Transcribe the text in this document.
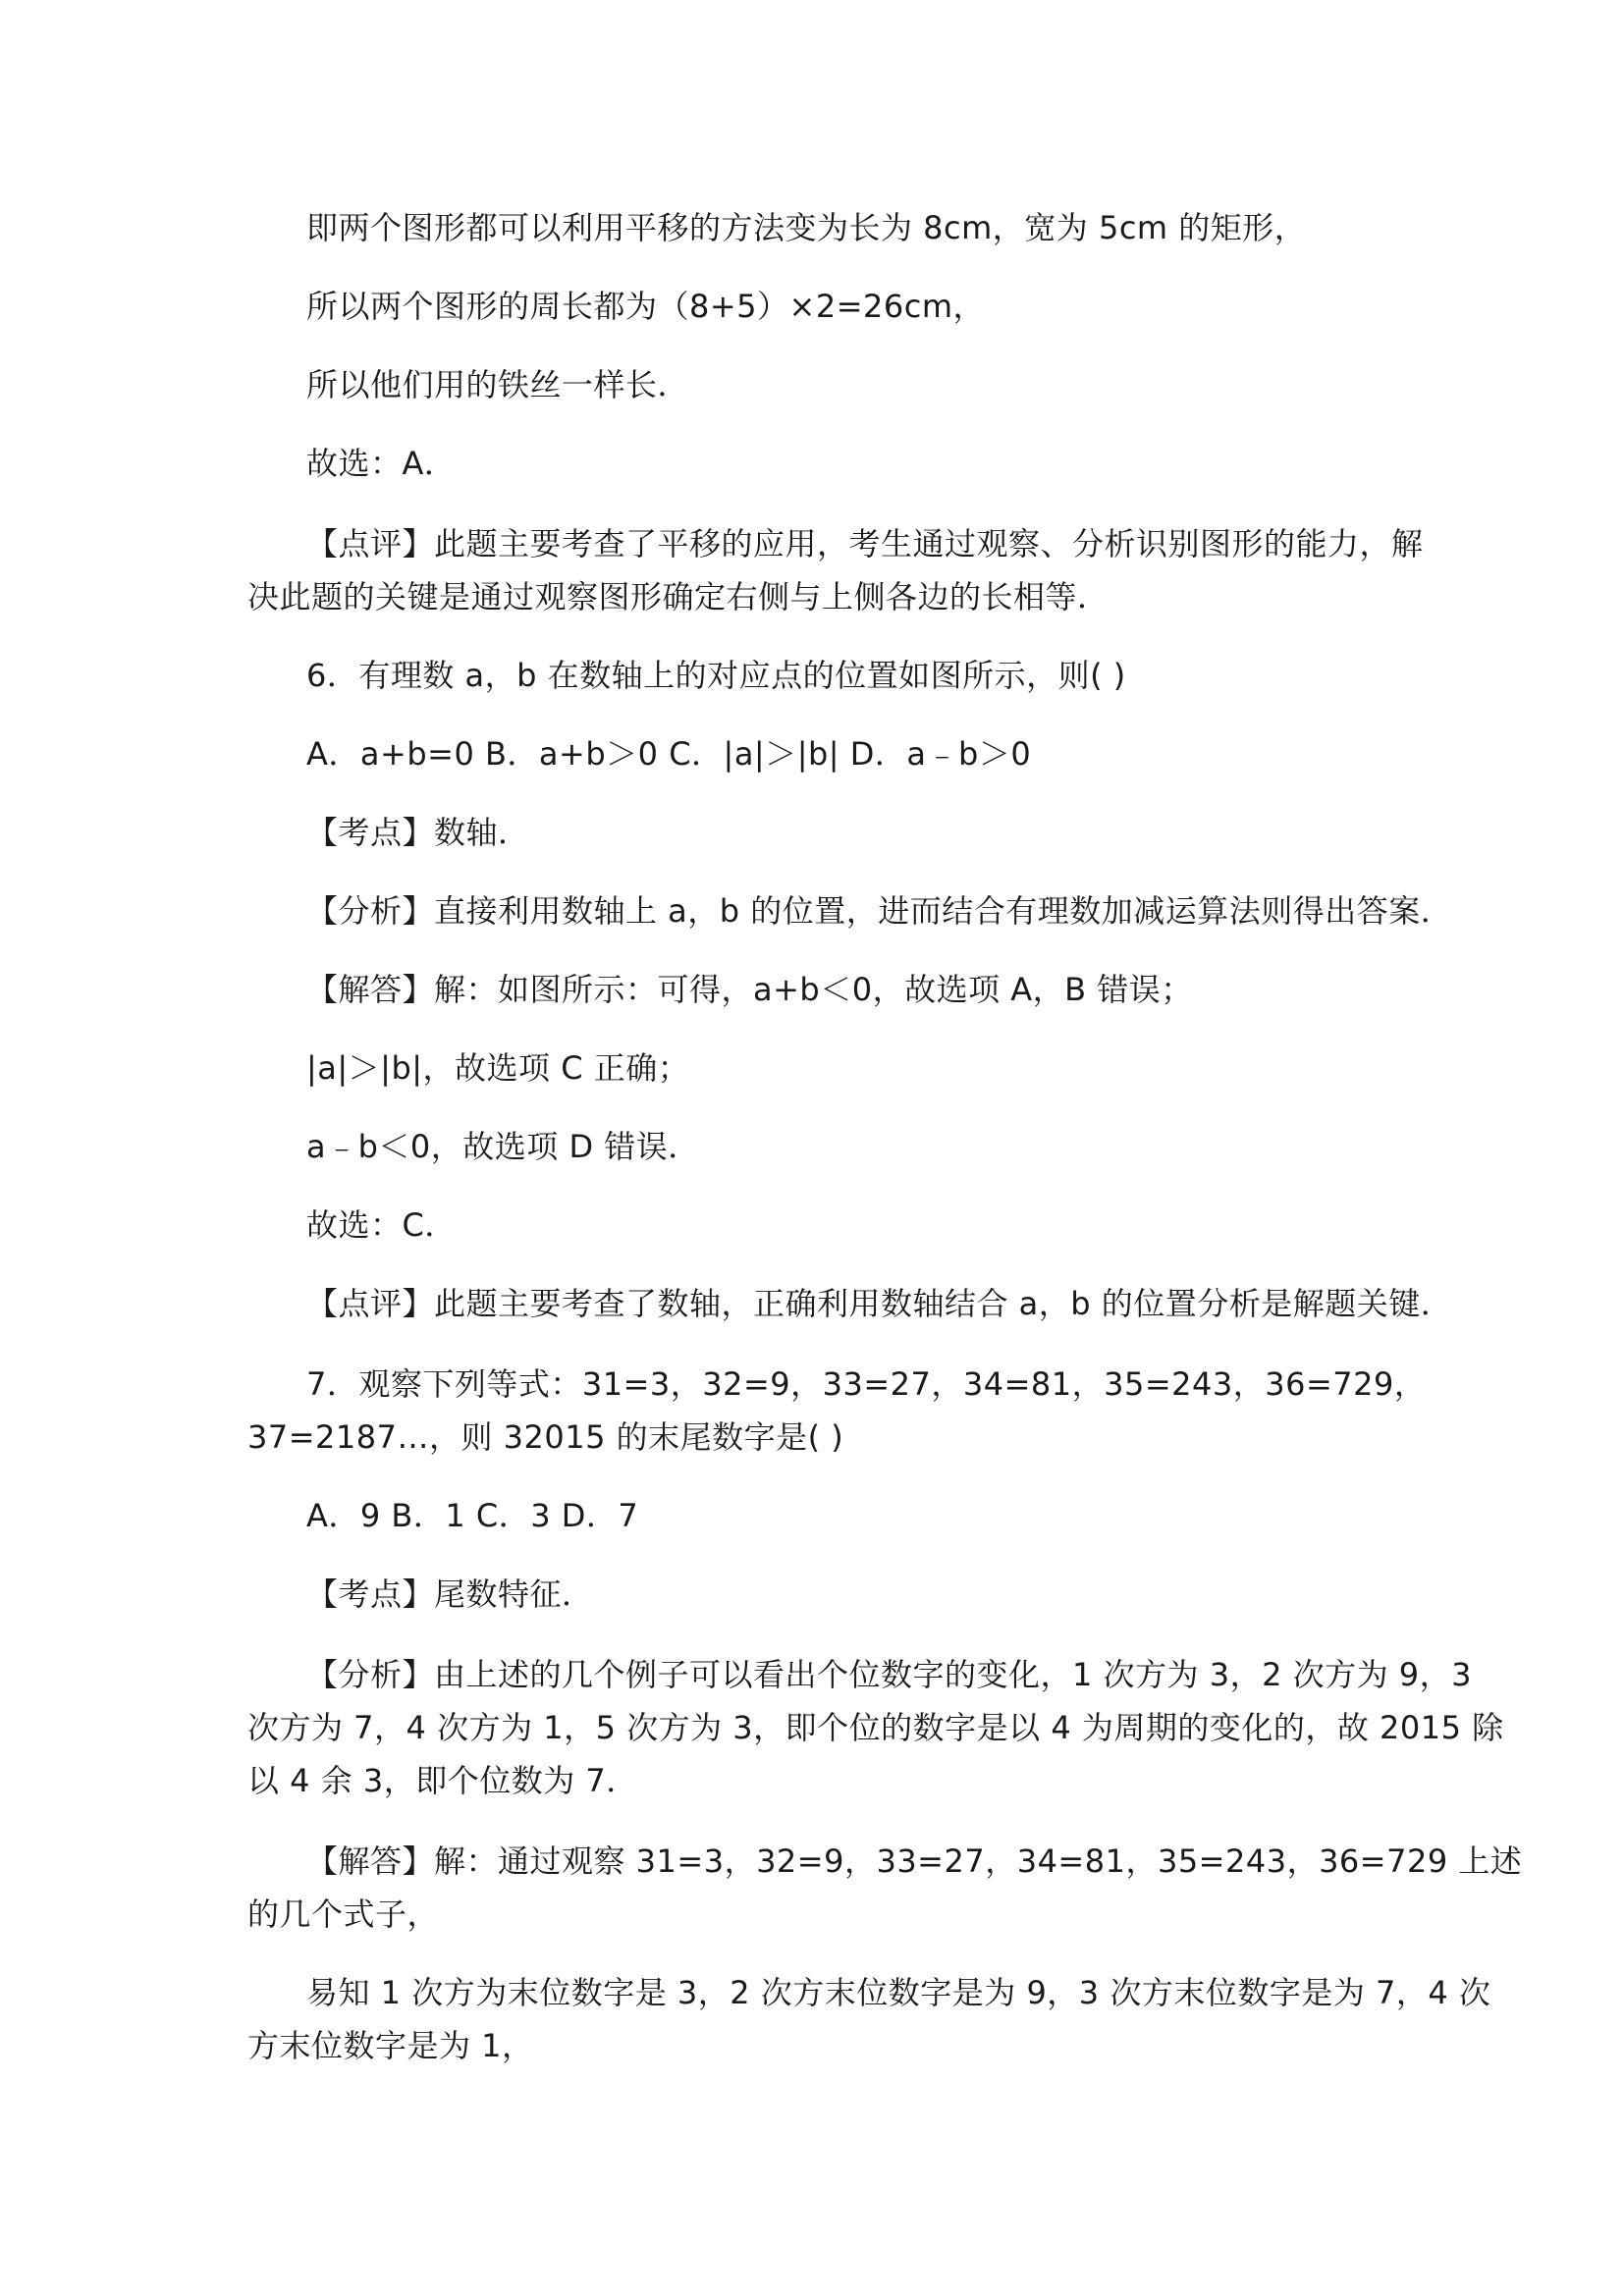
即两个图形都可以利用平移的方法变为长为 8cm，宽为 5cm 的矩形，
所以两个图形的周长都为（8+5）×2=26cm，
所以他们用的铁丝一样长．
故选：A．
【点评】此题主要考查了平移的应用，考生通过观察、分析识别图形的能力，解
决此题的关键是通过观察图形确定右侧与上侧各边的长相等．
6．有理数 a，b 在数轴上的对应点的位置如图所示，则( )
A．a+b=0 B．a+b＞0 C．|a|＞|b| D．a﹣b＞0
【考点】数轴．
【分析】直接利用数轴上 a，b 的位置，进而结合有理数加减运算法则得出答案．
【解答】解：如图所示：可得，a+b＜0，故选项 A，B 错误；
|a|＞|b|，故选项 C 正确；
a﹣b＜0，故选项 D 错误．
故选：C．
【点评】此题主要考查了数轴，正确利用数轴结合 a，b 的位置分析是解题关键．
7．观察下列等式：31=3，32=9，33=27，34=81，35=243，36=729，
37=2187…，则 32015 的末尾数字是( )
A．9 B．1 C．3 D．7
【考点】尾数特征．
【分析】由上述的几个例子可以看出个位数字的变化，1 次方为 3，2 次方为 9，3
次方为 7，4 次方为 1，5 次方为 3，即个位的数字是以 4 为周期的变化的，故 2015 除
以 4 余 3，即个位数为 7．
【解答】解：通过观察 31=3，32=9，33=27，34=81，35=243，36=729 上述
的几个式子，
易知 1 次方为末位数字是 3，2 次方末位数字是为 9，3 次方末位数字是为 7，4 次
方末位数字是为 1，
